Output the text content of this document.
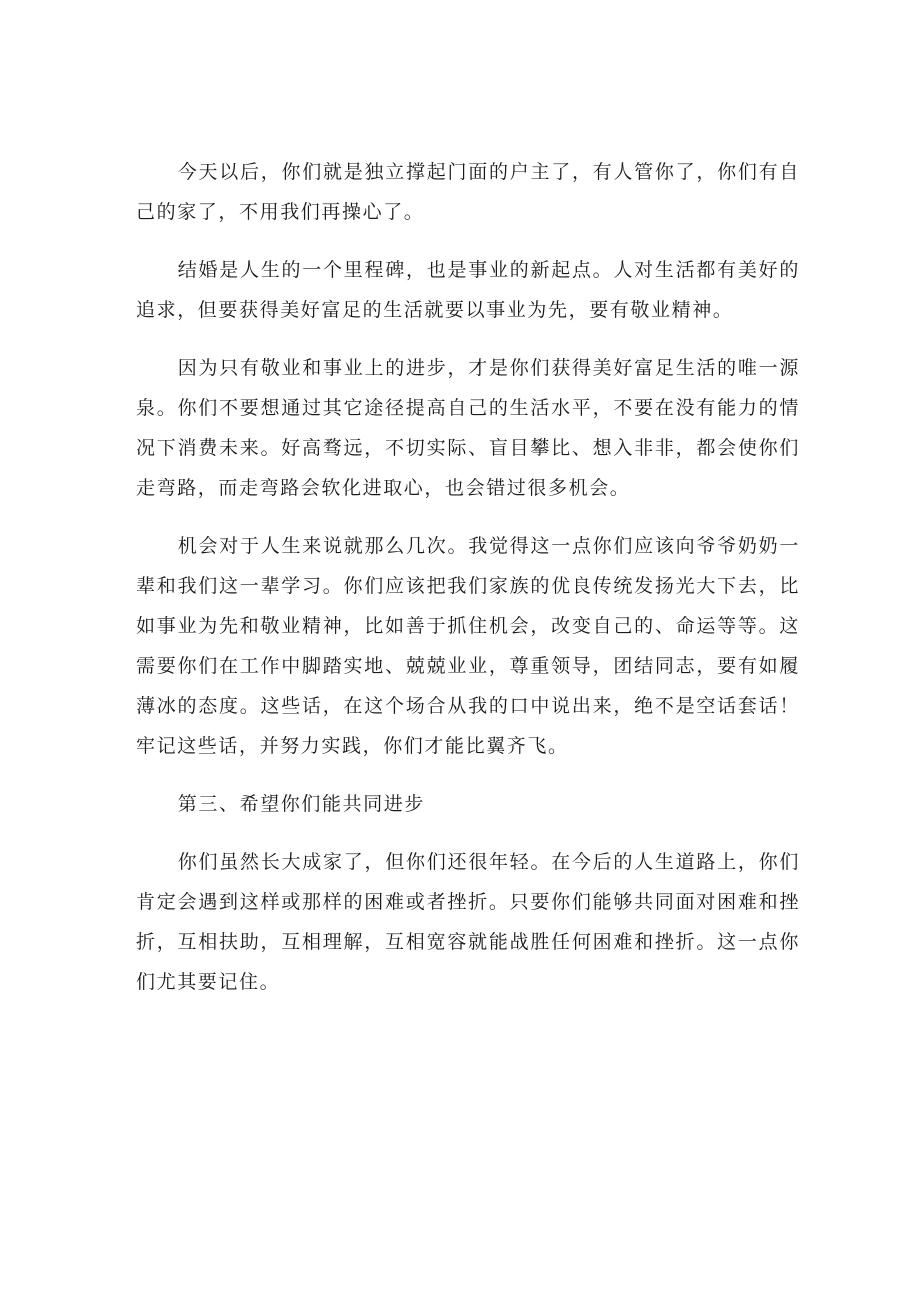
今天以后，你们就是独立撑起门面的户主了，有人管你了，你们有自己的家了，不用我们再操心了。

结婚是人生的一个里程碑，也是事业的新起点。人对生活都有美好的追求，但要获得美好富足的生活就要以事业为先，要有敬业精神。

因为只有敬业和事业上的进步，才是你们获得美好富足生活的唯一源泉。你们不要想通过其它途径提高自己的生活水平，不要在没有能力的情况下消费未来。好高骛远，不切实际、盲目攀比、想入非非，都会使你们走弯路，而走弯路会软化进取心，也会错过很多机会。

机会对于人生来说就那么几次。我觉得这一点你们应该向爷爷奶奶一辈和我们这一辈学习。你们应该把我们家族的优良传统发扬光大下去，比如事业为先和敬业精神，比如善于抓住机会，改变自己的、命运等等。这需要你们在工作中脚踏实地、兢兢业业，尊重领导，团结同志，要有如履薄冰的态度。这些话，在这个场合从我的口中说出来，绝不是空话套话！牢记这些话，并努力实践，你们才能比翼齐飞。

第三、希望你们能共同进步

你们虽然长大成家了，但你们还很年轻。在今后的人生道路上，你们肯定会遇到这样或那样的困难或者挫折。只要你们能够共同面对困难和挫折，互相扶助，互相理解，互相宽容就能战胜任何困难和挫折。这一点你们尤其要记住。
